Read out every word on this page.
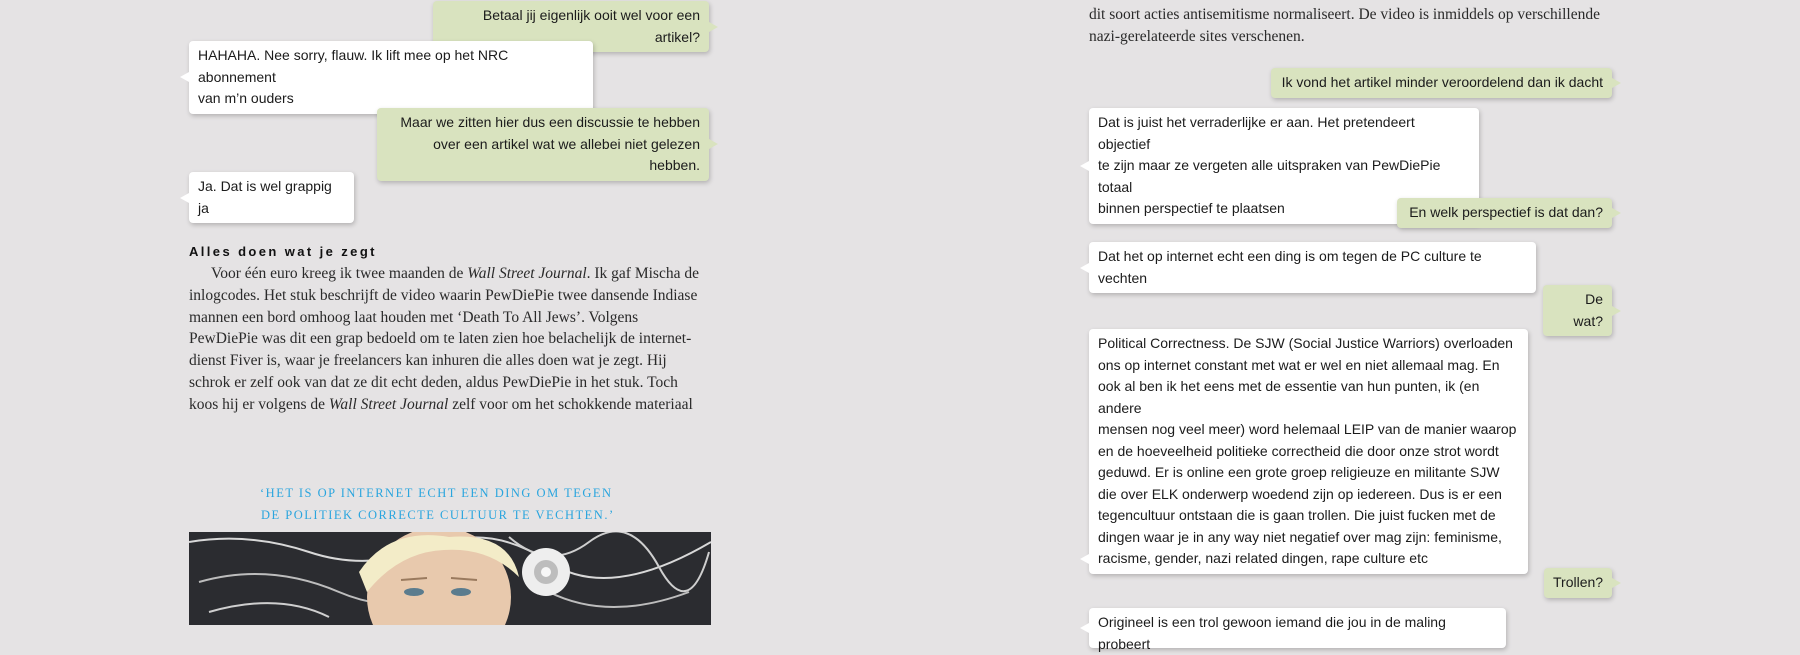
Betaal jij eigenlijk ooit wel voor een artikel?
HAHAHA. Nee sorry, flauw. Ik lift mee op het NRC abonnement
van m’n ouders
Maar we zitten hier dus een discussie te hebben
over een artikel wat we allebei niet gelezen hebben.
Ja. Dat is wel grappig ja
Alles doen wat je zegt

Voor één euro kreeg ik twee maanden de Wall Street Journal. Ik gaf Mischa de inlogcodes. Het stuk beschrijft de video waarin PewDiePie twee dansende Indiase mannen een bord omhoog laat houden met ‘Death To All Jews’. Volgens PewDiePie was dit een grap bedoeld om te laten zien hoe belachelijk de internetdienst Fiver is, waar je freelancers kan inhuren die alles doen wat je zegt. Hij schrok er zelf ook van dat ze dit echt deden, aldus PewDiePie in het stuk. Toch koos hij er volgens de Wall Street Journal zelf voor om het schokkende materiaal

‘HET IS OP INTERNET ECHT EEN DING OM TEGEN
DE POLITIEK CORRECTE CULTUUR TE VECHTEN.’
dit soort acties antisemitisme normaliseert. De video is inmiddels op verschillende
nazi-gerelateerde sites verschenen.
Ik vond het artikel minder veroordelend dan ik dacht
Dat is juist het verraderlijke er aan. Het pretendeert objectief
te zijn maar ze vergeten alle uitspraken van PewDiePie totaal
binnen perspectief te plaatsen	En welk perspectief is dat dan?
Dat het op internet echt een ding is om tegen de PC culture te vechten
De wat?
Political Correctness. De SJW (Social Justice Warriors) overloaden
ons op internet constant met wat er wel en niet allemaal mag. En
ook al ben ik het eens met de essentie van hun punten, ik (en andere
mensen nog veel meer) word helemaal LEIP van de manier waarop
en de hoeveelheid politieke correctheid die door onze strot wordt
geduwd. Er is online een grote groep religieuze en militante SJW
die over ELK onderwerp woedend zijn op iedereen. Dus is er een
tegencultuur ontstaan die is gaan trollen. Die juist fucken met de
dingen waar je in any way niet negatief over mag zijn: feminisme,
racisme, gender, nazi related dingen, rape culture etc
Trollen?
Origineel is een trol gewoon iemand die jou in de maling probeert
